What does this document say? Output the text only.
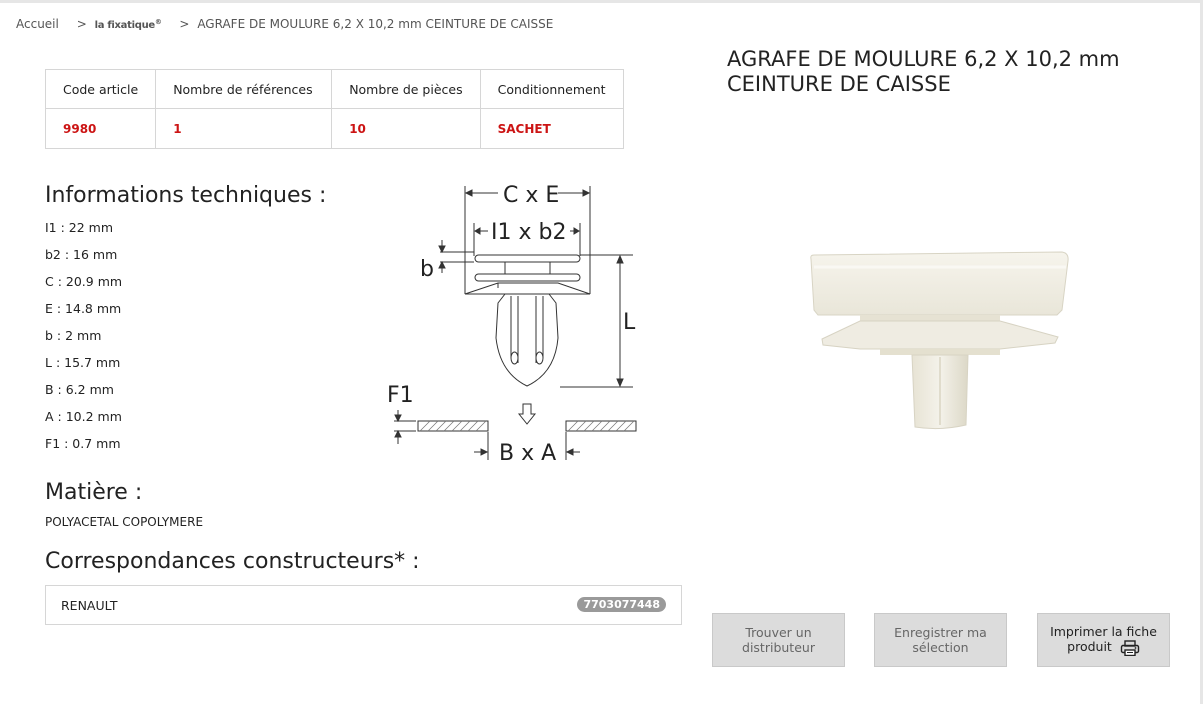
Accueil > la fixatique® > AGRAFE DE MOULURE 6,2 X 10,2 mm CEINTURE DE CAISSE
Code article	Nombre de références	Nombre de pièces	Conditionnement
9980	1	10	SACHET
Informations techniques :
I1 : 22 mm
b2 : 16 mm
C : 20.9 mm
E : 14.8 mm
b : 2 mm
L : 15.7 mm
B : 6.2 mm
A : 10.2 mm
F1 : 0.7 mm
C x E
I1 x b2
b
L
F1
B x A
Matière :
POLYACETAL COPOLYMERE
Correspondances constructeurs* :
RENAULT	7703077448
AGRAFE DE MOULURE 6,2 X 10,2 mm CEINTURE DE CAISSE
Trouver un distributeur
Enregistrer ma sélection
Imprimer la fiche produit
